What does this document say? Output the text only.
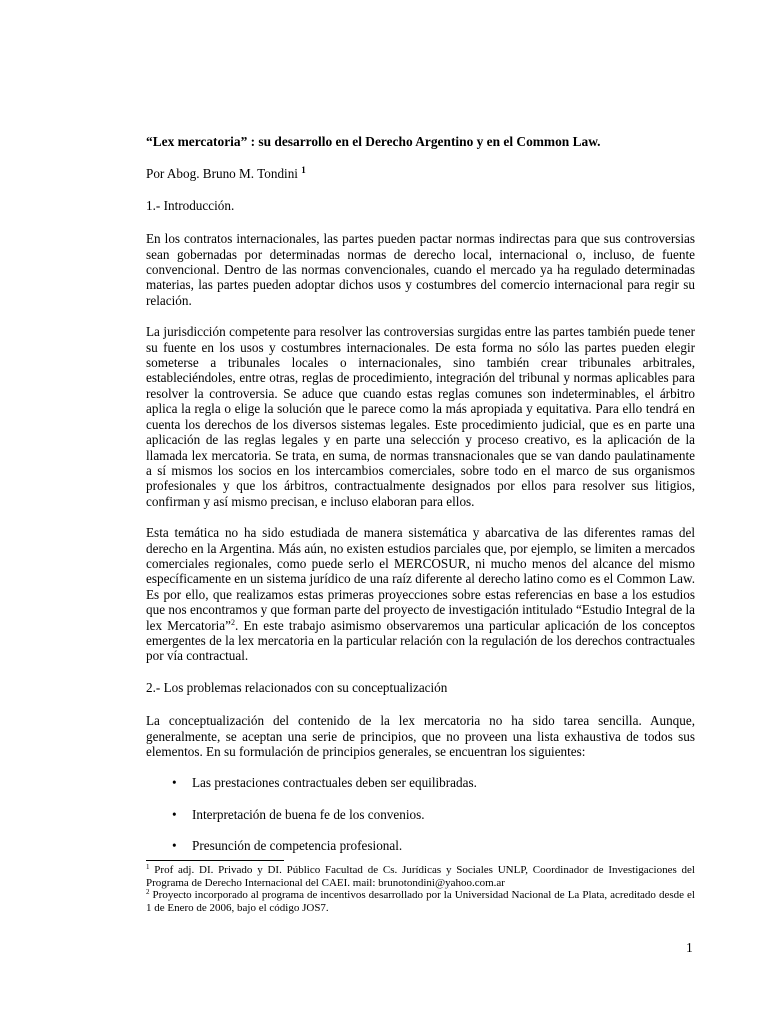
“Lex mercatoria” : su desarrollo en el Derecho Argentino y en el Common Law.
Por Abog. Bruno M. Tondini $^1$
1.- Introducción.

En los contratos internacionales, las partes pueden pactar normas indirectas para que sus controversias sean gobernadas por determinadas normas de derecho local, internacional o, incluso, de fuente convencional. Dentro de las normas convencionales, cuando el mercado ya ha regulado determinadas materias, las partes pueden adoptar dichos usos y costumbres del comercio internacional para regir su relación.

La jurisdicción competente para resolver las controversias surgidas entre las partes también puede tener su fuente en los usos y costumbres internacionales. De esta forma no sólo las partes pueden elegir someterse a tribunales locales o internacionales, sino también crear tribunales arbitrales, estableciéndoles, entre otras, reglas de procedimiento, integración del tribunal y normas aplicables para resolver la controversia. Se aduce que cuando estas reglas comunes son indeterminables, el árbitro aplica la regla o elige la solución que le parece como la más apropiada y equitativa. Para ello tendrá en cuenta los derechos de los diversos sistemas legales. Este procedimiento judicial, que es en parte una aplicación de las reglas legales y en parte una selección y proceso creativo, es la aplicación de la llamada lex mercatoria. Se trata, en suma, de normas transnacionales que se van dando paulatinamente a sí mismos los socios en los intercambios comerciales, sobre todo en el marco de sus organismos profesionales y que los árbitros, contractualmente designados por ellos para resolver sus litigios, confirman y así mismo precisan, e incluso elaboran para ellos.

Esta temática no ha sido estudiada de manera sistemática y abarcativa de las diferentes ramas del derecho en la Argentina. Más aún, no existen estudios parciales que, por ejemplo, se limiten a mercados comerciales regionales, como puede serlo el MERCOSUR, ni mucho menos del alcance del mismo específicamente en un sistema jurídico de una raíz diferente al derecho latino como es el Common Law. Es por ello, que realizamos estas primeras proyecciones sobre estas referencias en base a los estudios que nos encontramos y que forman parte del proyecto de investigación intitulado “Estudio Integral de la lex Mercatoria”$^2$. En este trabajo asimismo observaremos una particular aplicación de los conceptos emergentes de la lex mercatoria en la particular relación con la regulación de los derechos contractuales por vía contractual.

2.- Los problemas relacionados con su conceptualización

La conceptualización del contenido de la lex mercatoria no ha sido tarea sencilla. Aunque, generalmente, se aceptan una serie de principios, que no proveen una lista exhaustiva de todos sus elementos. En su formulación de principios generales, se encuentran los siguientes:

• Las prestaciones contractuales deben ser equilibradas.
• Interpretación de buena fe de los convenios.
• Presunción de competencia profesional.

$^1$ Prof adj. DI. Privado y DI. Público Facultad de Cs. Jurídicas y Sociales UNLP, Coordinador de Investigaciones del Programa de Derecho Internacional del CAEI. mail: brunotondini@yahoo.com.ar

$^2$ Proyecto incorporado al programa de incentivos desarrollado por la Universidad Nacional de La Plata, acreditado desde el 1 de Enero de 2006, bajo el código JOS7.

1
